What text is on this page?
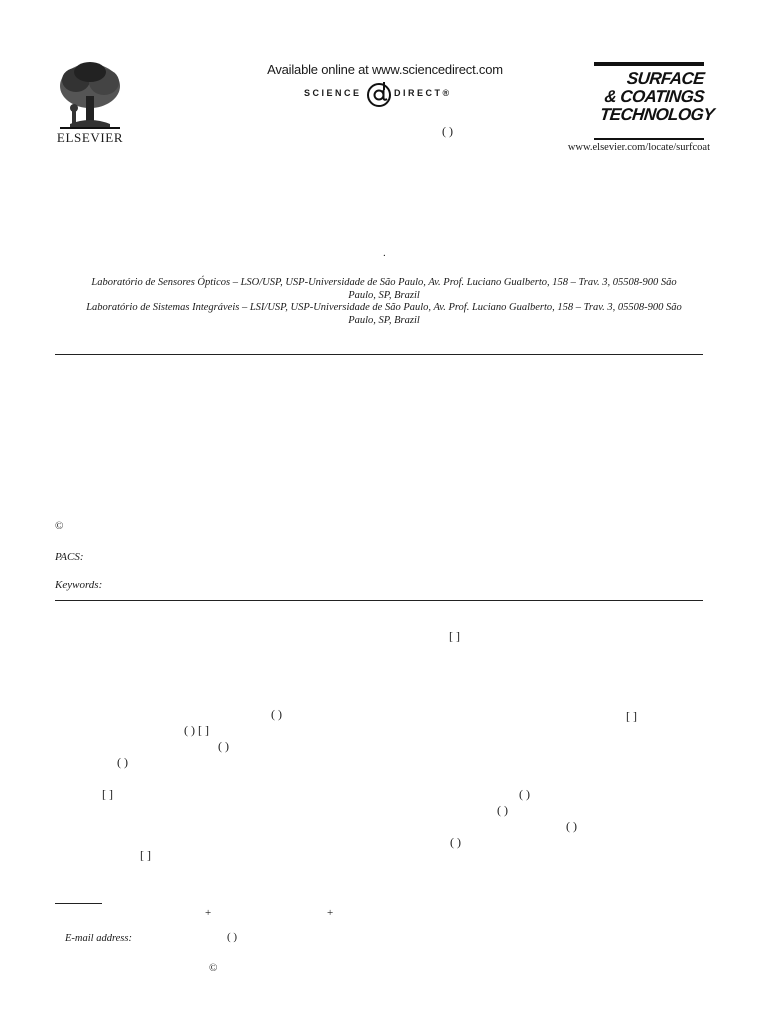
ELSEVIER
Available online at www.sciencedirect.com
SCIENCE	DIRECT®
( )
SURFACE
& COATINGS
TECHNOLOGY
www.elsevier.com/locate/surfcoat
.
Laboratório de Sensores Ópticos – LSO/USP, USP-Universidade de São Paulo, Av. Prof. Luciano Gualberto, 158 – Trav. 3, 05508-900 São Paulo, SP, Brazil
Laboratório de Sistemas Integráveis – LSI/USP, USP-Universidade de São Paulo, Av. Prof. Luciano Gualberto, 158 – Trav. 3, 05508-900 São Paulo, SP, Brazil
©
PACS:
Keywords:
[ ]
( )
( ) [ ]
( )
( )
[ ]
[ ]
[ ]
( )
( )
( )
( )
+	+
E-mail address:	( )
©
